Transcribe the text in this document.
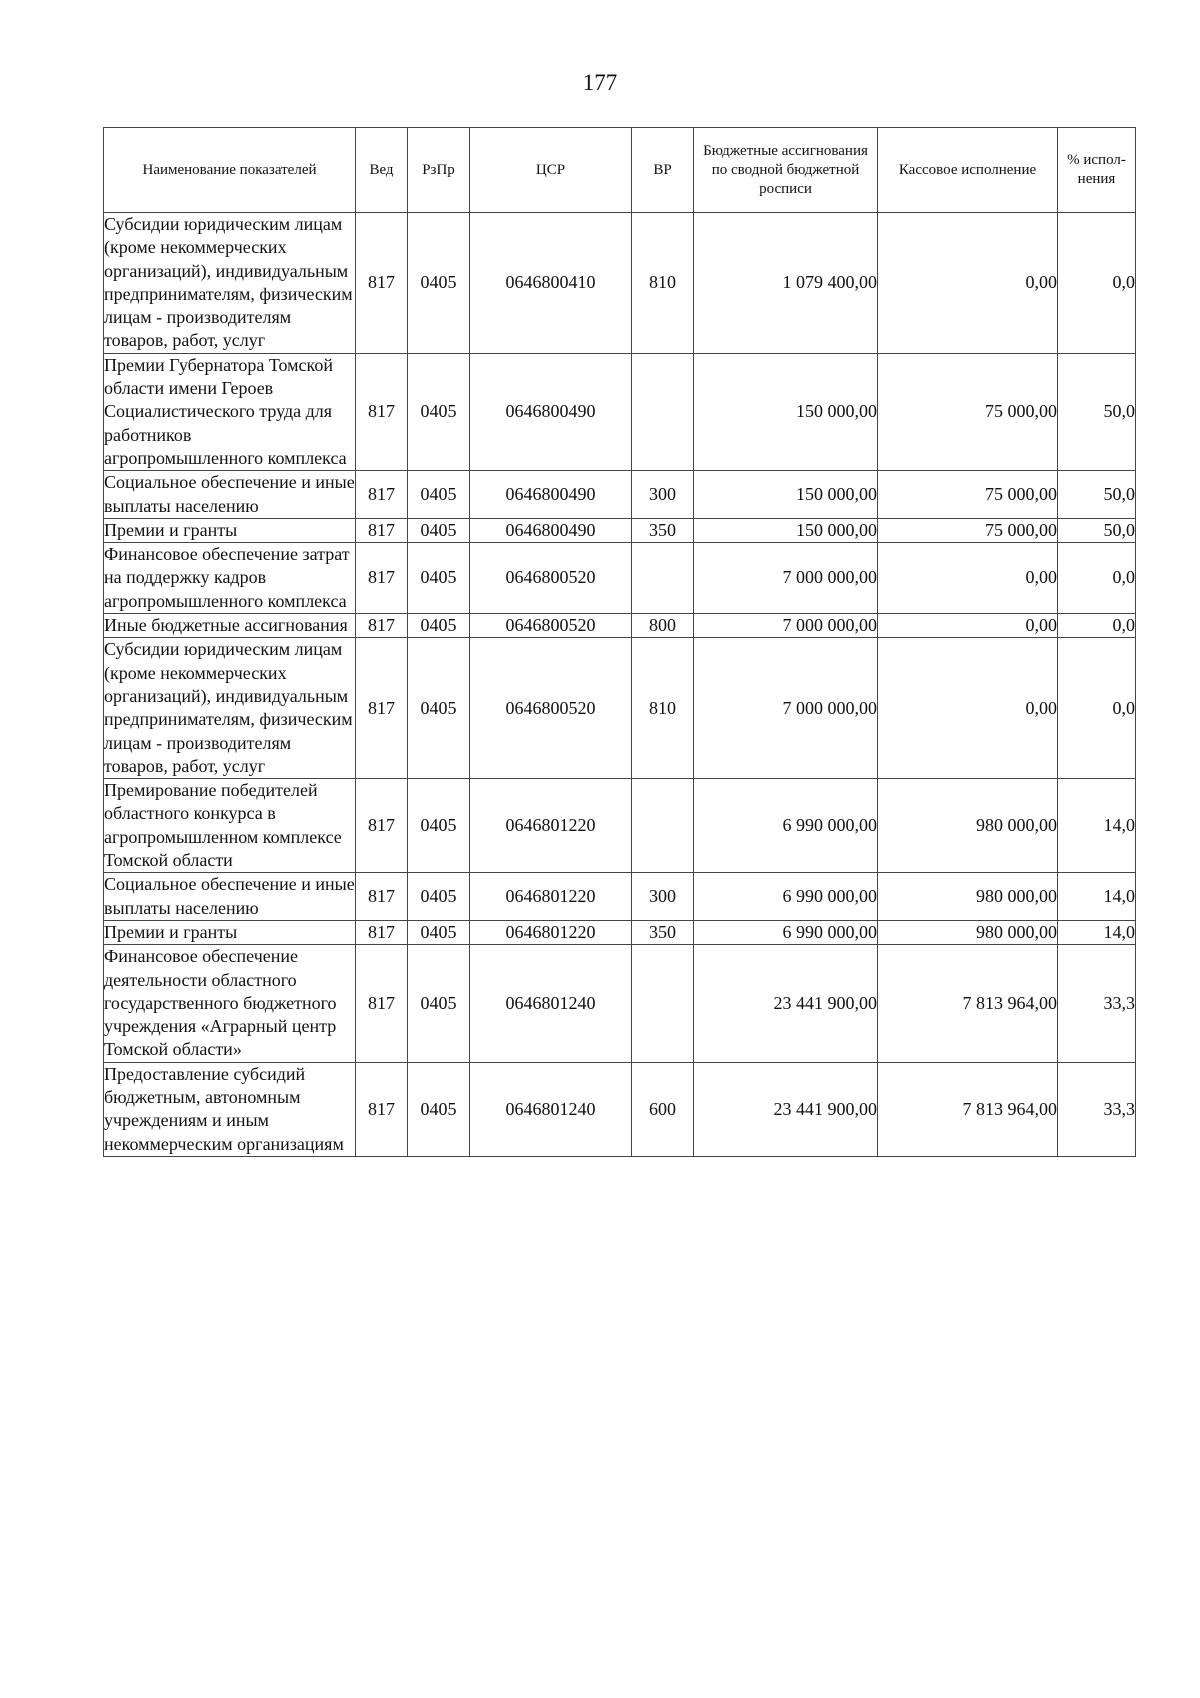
177
Наименование показателей	Вед	РзПр	ЦСР	ВР	Бюджетные ассигнования по сводной бюджетной росписи	Кассовое исполнение	% испол-нения
Субсидии юридическим лицам (кроме некоммерческих организаций), индивидуальным предпринимателям, физическим лицам - производителям товаров, работ, услуг	817	0405	0646800410	810	1 079 400,00	0,00	0,0
Премии Губернатора Томской области имени Героев Социалистического труда для работников агропромышленного комплекса	817	0405	0646800490		150 000,00	75 000,00	50,0
Социальное обеспечение и иные выплаты населению	817	0405	0646800490	300	150 000,00	75 000,00	50,0
Премии и гранты	817	0405	0646800490	350	150 000,00	75 000,00	50,0
Финансовое обеспечение затрат на поддержку кадров агропромышленного комплекса	817	0405	0646800520		7 000 000,00	0,00	0,0
Иные бюджетные ассигнования	817	0405	0646800520	800	7 000 000,00	0,00	0,0
Субсидии юридическим лицам (кроме некоммерческих организаций), индивидуальным предпринимателям, физическим лицам - производителям товаров, работ, услуг	817	0405	0646800520	810	7 000 000,00	0,00	0,0
Премирование победителей областного конкурса в агропромышленном комплексе Томской области	817	0405	0646801220		6 990 000,00	980 000,00	14,0
Социальное обеспечение и иные выплаты населению	817	0405	0646801220	300	6 990 000,00	980 000,00	14,0
Премии и гранты	817	0405	0646801220	350	6 990 000,00	980 000,00	14,0
Финансовое обеспечение деятельности областного государственного бюджетного учреждения «Аграрный центр Томской области»	817	0405	0646801240		23 441 900,00	7 813 964,00	33,3
Предоставление субсидий бюджетным, автономным учреждениям и иным некоммерческим организациям	817	0405	0646801240	600	23 441 900,00	7 813 964,00	33,3
